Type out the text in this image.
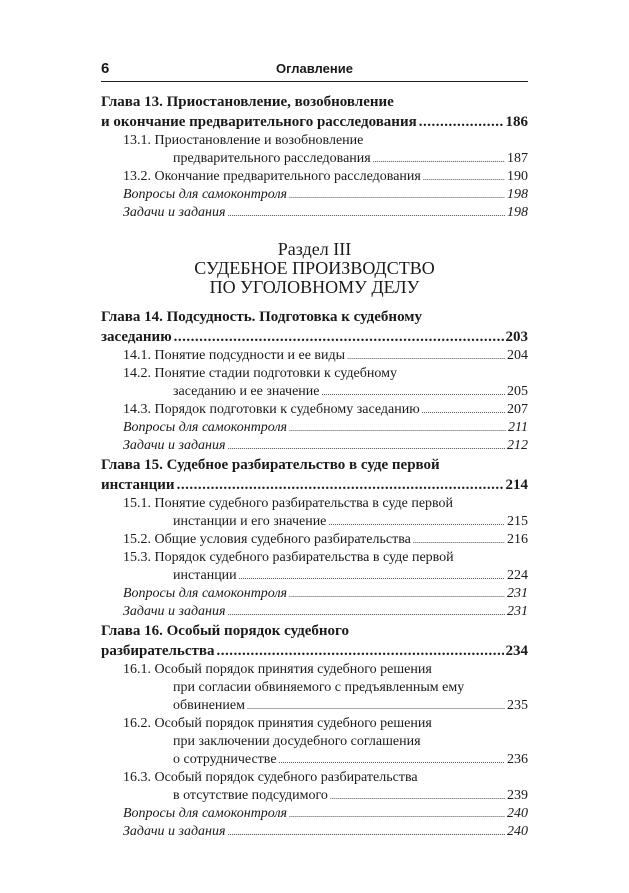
6	Оглавление
Глава 13. Приостановление, возобновление
и окончание предварительного расследования .....	186
13.1. Приостановление и возобновление
предварительного расследования .....	187
13.2. Окончание предварительного расследования .....	190
Вопросы для самоконтроля .....	198
Задачи и задания .....	198
Раздел III
СУДЕБНОЕ ПРОИЗВОДСТВО
ПО УГОЛОВНОМУ ДЕЛУ
Глава 14. Подсудность. Подготовка к судебному
заседанию .....	203
14.1. Понятие подсудности и ее виды .....	204
14.2. Понятие стадии подготовки к судебному
заседанию и ее значение .....	205
14.3. Порядок подготовки к судебному заседанию .....	207
Вопросы для самоконтроля .....	211
Задачи и задания .....	212
Глава 15. Судебное разбирательство в суде первой
инстанции .....	214
15.1. Понятие судебного разбирательства в суде первой
инстанции и его значение .....	215
15.2. Общие условия судебного разбирательства .....	216
15.3. Порядок судебного разбирательства в суде первой
инстанции .....	224
Вопросы для самоконтроля .....	231
Задачи и задания .....	231
Глава 16. Особый порядок судебного
разбирательства .....	234
16.1. Особый порядок принятия судебного решения
при согласии обвиняемого с предъявленным ему
обвинением .....	235
16.2. Особый порядок принятия судебного решения
при заключении досудебного соглашения
о сотрудничестве .....	236
16.3. Особый порядок судебного разбирательства
в отсутствие подсудимого .....	239
Вопросы для самоконтроля .....	240
Задачи и задания .....	240
